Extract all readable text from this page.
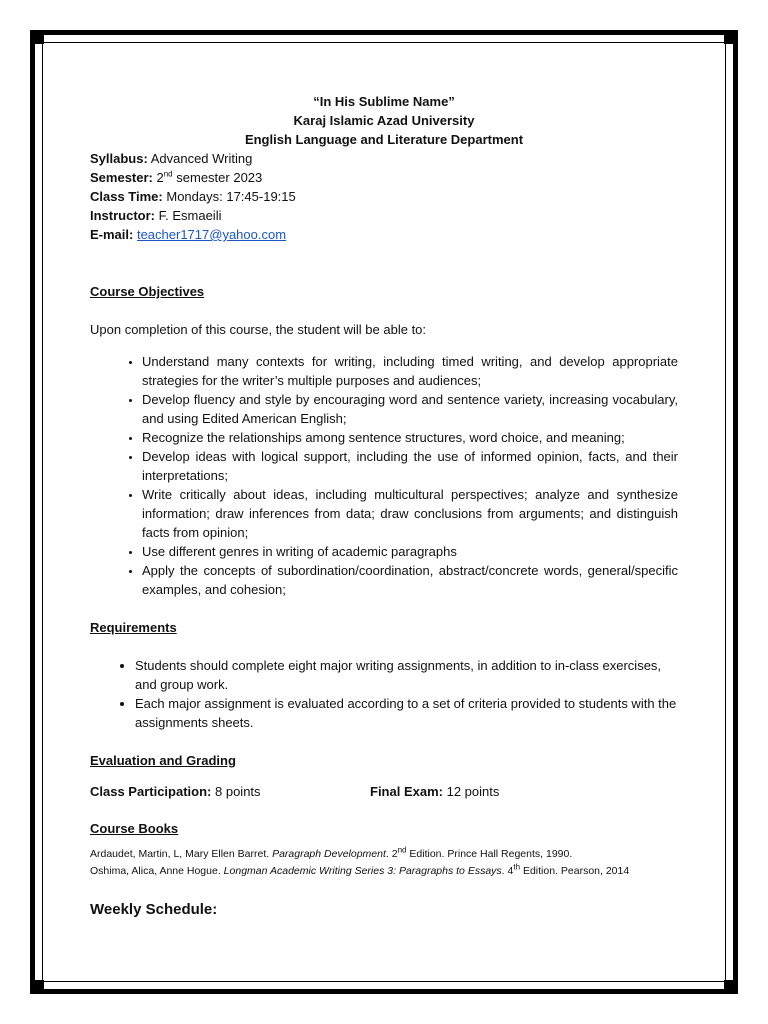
“In His Sublime Name”
Karaj Islamic Azad University
English Language and Literature Department
Syllabus: Advanced Writing
Semester: 2nd semester 2023
Class Time: Mondays: 17:45-19:15
Instructor: F. Esmaeili
E-mail: teacher1717@yahoo.com
Course Objectives
Upon completion of this course, the student will be able to:
• Understand many contexts for writing, including timed writing, and develop appropriate strategies for the writer’s multiple purposes and audiences;
• Develop fluency and style by encouraging word and sentence variety, increasing vocabulary, and using Edited American English;
• Recognize the relationships among sentence structures, word choice, and meaning;
• Develop ideas with logical support, including the use of informed opinion, facts, and their interpretations;
• Write critically about ideas, including multicultural perspectives; analyze and synthesize information; draw inferences from data; draw conclusions from arguments; and distinguish facts from opinion;
• Use different genres in writing of academic paragraphs
• Apply the concepts of subordination/coordination, abstract/concrete words, general/specific examples, and cohesion;
Requirements
• Students should complete eight major writing assignments, in addition to in-class exercises, and group work.
• Each major assignment is evaluated according to a set of criteria provided to students with the assignments sheets.
Evaluation and Grading
Class Participation: 8 points	Final Exam: 12 points
Course Books
Ardaudet, Martin, L, Mary Ellen Barret. Paragraph Development. 2nd Edition. Prince Hall Regents, 1990.
Oshima, Alica, Anne Hogue. Longman Academic Writing Series 3: Paragraphs to Essays. 4th Edition. Pearson, 2014
Weekly Schedule:
